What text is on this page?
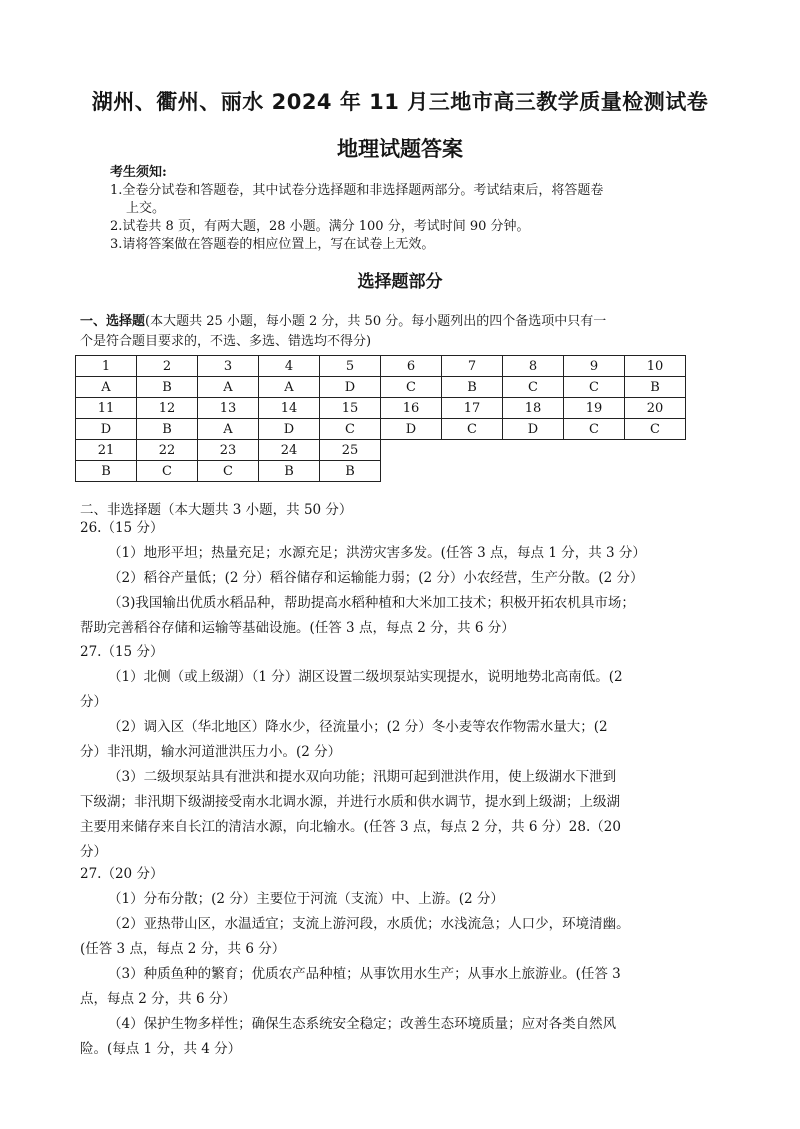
湖州、衢州、丽水 2024 年 11 月三地市高三教学质量检测试卷
地理试题答案
考生须知:
1.全卷分试卷和答题卷，其中试卷分选择题和非选择题两部分。考试结束后，将答题卷
上交。
2.试卷共 8 页，有两大题，28 小题。满分 100 分，考试时间 90 分钟。
3.请将答案做在答题卷的相应位置上，写在试卷上无效。
选择题部分
一、选择题(本大题共 25 小题，每小题 2 分，共 50 分。每小题列出的四个备选项中只有一
个是符合题目要求的，不选、多选、错选均不得分)
1	2	3	4	5	6	7	8	9	10
A	B	A	A	D	C	B	C	C	B
11	12	13	14	15	16	17	18	19	20
D	B	A	D	C	D	C	D	C	C
21	22	23	24	25					
B	C	C	B	B					
二、非选择题（本大题共 3 小题，共 50 分）
26.（15 分）

（1）地形平坦；热量充足；水源充足；洪涝灾害多发。(任答 3 点，每点 1 分，共 3 分）

（2）稻谷产量低；(2 分）稻谷储存和运输能力弱；(2 分）小农经营，生产分散。(2 分）

（3)我国输出优质水稻品种，帮助提高水稻种植和大米加工技术；积极开拓农机具市场；

帮助完善稻谷存储和运输等基础设施。(任答 3 点，每点 2 分，共 6 分）

27.（15 分）

（1）北侧（或上级湖）（1 分）湖区设置二级坝泵站实现提水，说明地势北高南低。(2

分）

（2）调入区（华北地区）降水少，径流量小；(2 分）冬小麦等农作物需水量大；(2

分）非汛期，输水河道泄洪压力小。(2 分）

（3）二级坝泵站具有泄洪和提水双向功能；汛期可起到泄洪作用，使上级湖水下泄到

下级湖；非汛期下级湖接受南水北调水源，并进行水质和供水调节，提水到上级湖；上级湖

主要用来储存来自长江的清洁水源，向北输水。(任答 3 点，每点 2 分，共 6 分）28.（20

分）

27.（20 分）

（1）分布分散；(2 分）主要位于河流（支流）中、上游。(2 分）

（2）亚热带山区，水温适宜；支流上游河段，水质优；水浅流急；人口少，环境清幽。

(任答 3 点，每点 2 分，共 6 分）

（3）种质鱼种的繁育；优质农产品种植；从事饮用水生产；从事水上旅游业。(任答 3

点，每点 2 分，共 6 分）

（4）保护生物多样性；确保生态系统安全稳定；改善生态环境质量；应对各类自然风

险。(每点 1 分，共 4 分）
